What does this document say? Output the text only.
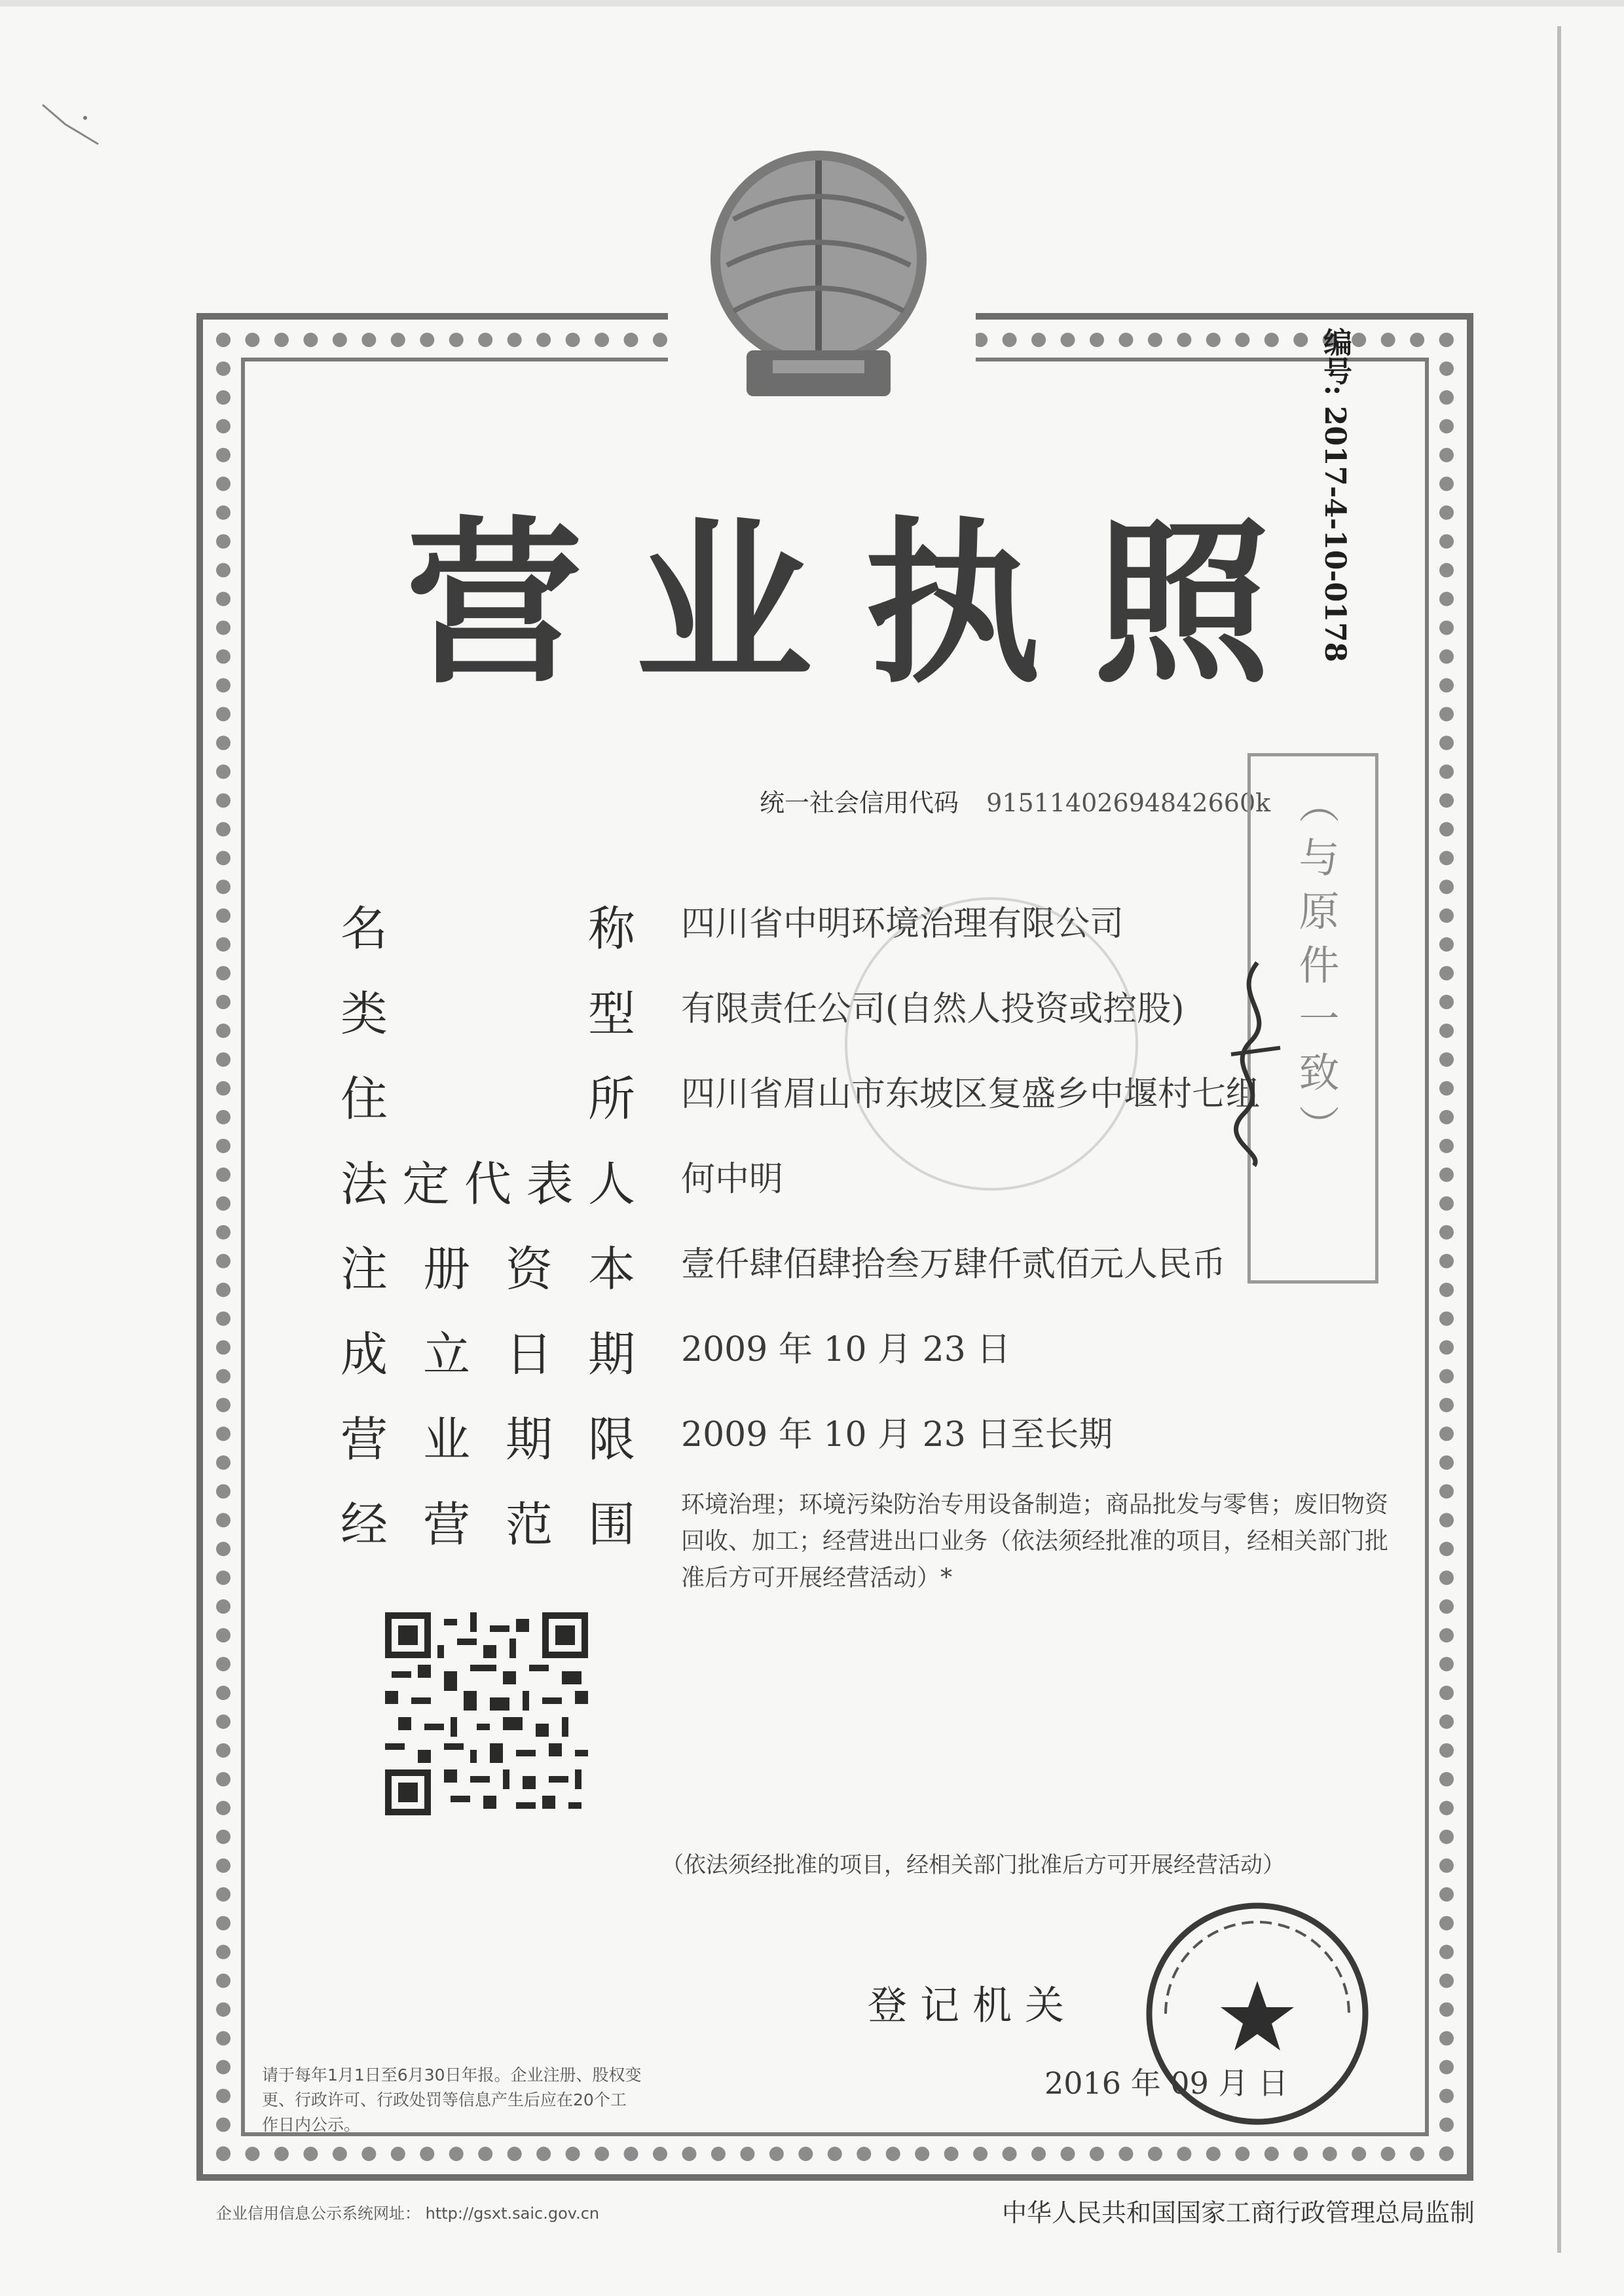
营 业 执 照
编号: 2017-4-10-0178
统一社会信用代码 91511402694842660k
名	称 四川省中明环境治理有限公司
类	型 有限责任公司(自然人投资或控股)
住	所 四川省眉山市东坡区复盛乡中堰村七组
法 定 代 表 人 何中明
注 册 资 本 壹仟肆佰肆拾叁万肆仟贰佰元人民币
成 立 日 期 2009 年 10 月 23 日
营 业 期 限 2009 年 10 月 23 日至长期
经 营 范 围 环境治理；环境污染防治专用设备制造；商品批发与零售；废旧物资回收、加工；经营进出口业务（依法须经批准的项目，经相关部门批准后方可开展经营活动）*
（与原件一致）
（依法须经批准的项目，经相关部门批准后方可开展经营活动）
登记机关
2016 年 09 月 日
请于每年1月1日至6月30日年报。企业注册、股权变更、行政许可、行政处罚等信息产生后应在20个工作日内公示。
企业信用信息公示系统网址： http://gsxt.saic.gov.cn	中华人民共和国国家工商行政管理总局监制
